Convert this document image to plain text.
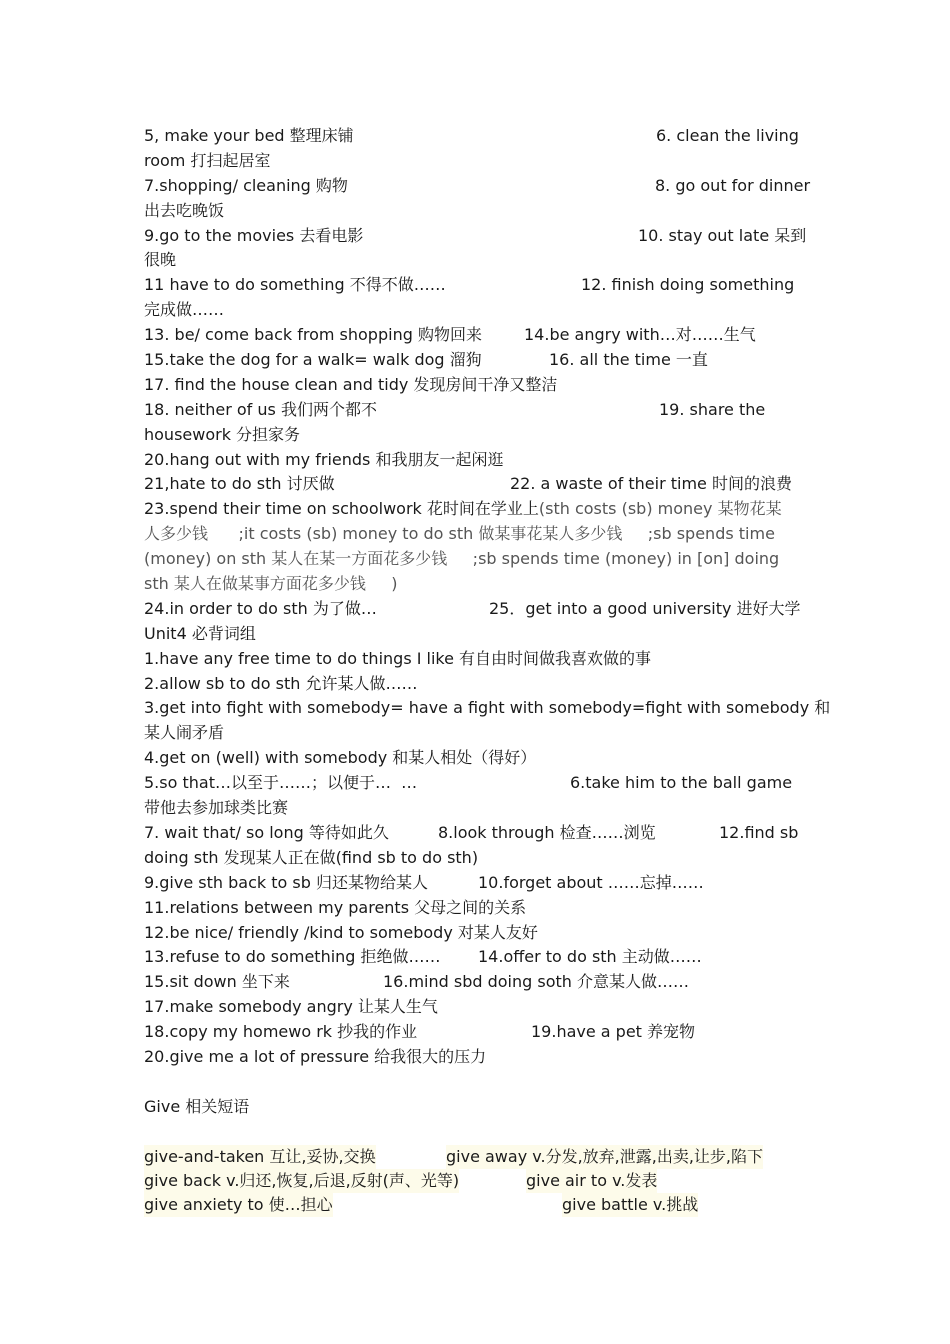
5, make your bed 整理床铺	6. clean the living
room 打扫起居室
7.shopping/ cleaning 购物	8. go out for dinner
出去吃晚饭
9.go to the movies 去看电影	10. stay out late 呆到
很晚
11 have to do something 不得不做……	12. finish doing something
完成做……
13. be/ come back from shopping 购物回来	14.be angry with…对……生气
15.take the dog for a walk= walk dog 溜狗	16. all the time 一直
17. find the house clean and tidy 发现房间干净又整洁
18. neither of us 我们两个都不	19. share the
housework 分担家务
20.hang out with my friends 和我朋友一起闲逛
21,hate to do sth 讨厌做	22. a waste of their time 时间的浪费
23.spend their time on schoolwork 花时间在学业上(sth costs (sb) money 某物花某
人多少钱      ;it costs (sb) money to do sth 做某事花某人多少钱     ;sb spends time
(money) on sth 某人在某一方面花多少钱     ;sb spends time (money) in [on] doing
sth 某人在做某事方面花多少钱     )
24.in order to do sth 为了做…	25．get into a good university 进好大学
Unit4 必背词组
1.have any free time to do things I like 有自由时间做我喜欢做的事
2.allow sb to do sth 允许某人做……
3.get into fight with somebody= have a fight with somebody=fight with somebody 和
某人闹矛盾
4.get on (well) with somebody 和某人相处（得好）
5.so that…以至于……；以便于…  …	6.take him to the ball game
带他去参加球类比赛
7. wait that/ so long 等待如此久	8.look through 检查……浏览	12.find sb
doing sth 发现某人正在做(find sb to do sth)
9.give sth back to sb 归还某物给某人	10.forget about ……忘掉……
11.relations between my parents 父母之间的关系
12.be nice/ friendly /kind to somebody 对某人友好
13.refuse to do something 拒绝做…… 14.offer to do sth 主动做……
15.sit down 坐下来	16.mind sbd doing soth 介意某人做……
17.make somebody angry 让某人生气
18.copy my homewo rk 抄我的作业	19.have a pet 养宠物
20.give me a lot of pressure 给我很大的压力
Give 相关短语
give-and-taken 互让,妥协,交换	give away v.分发,放弃,泄露,出卖,让步,陷下
give back v.归还,恢复,后退,反射(声、光等)	give air to v.发表
give anxiety to 使…担心	give battle v.挑战
